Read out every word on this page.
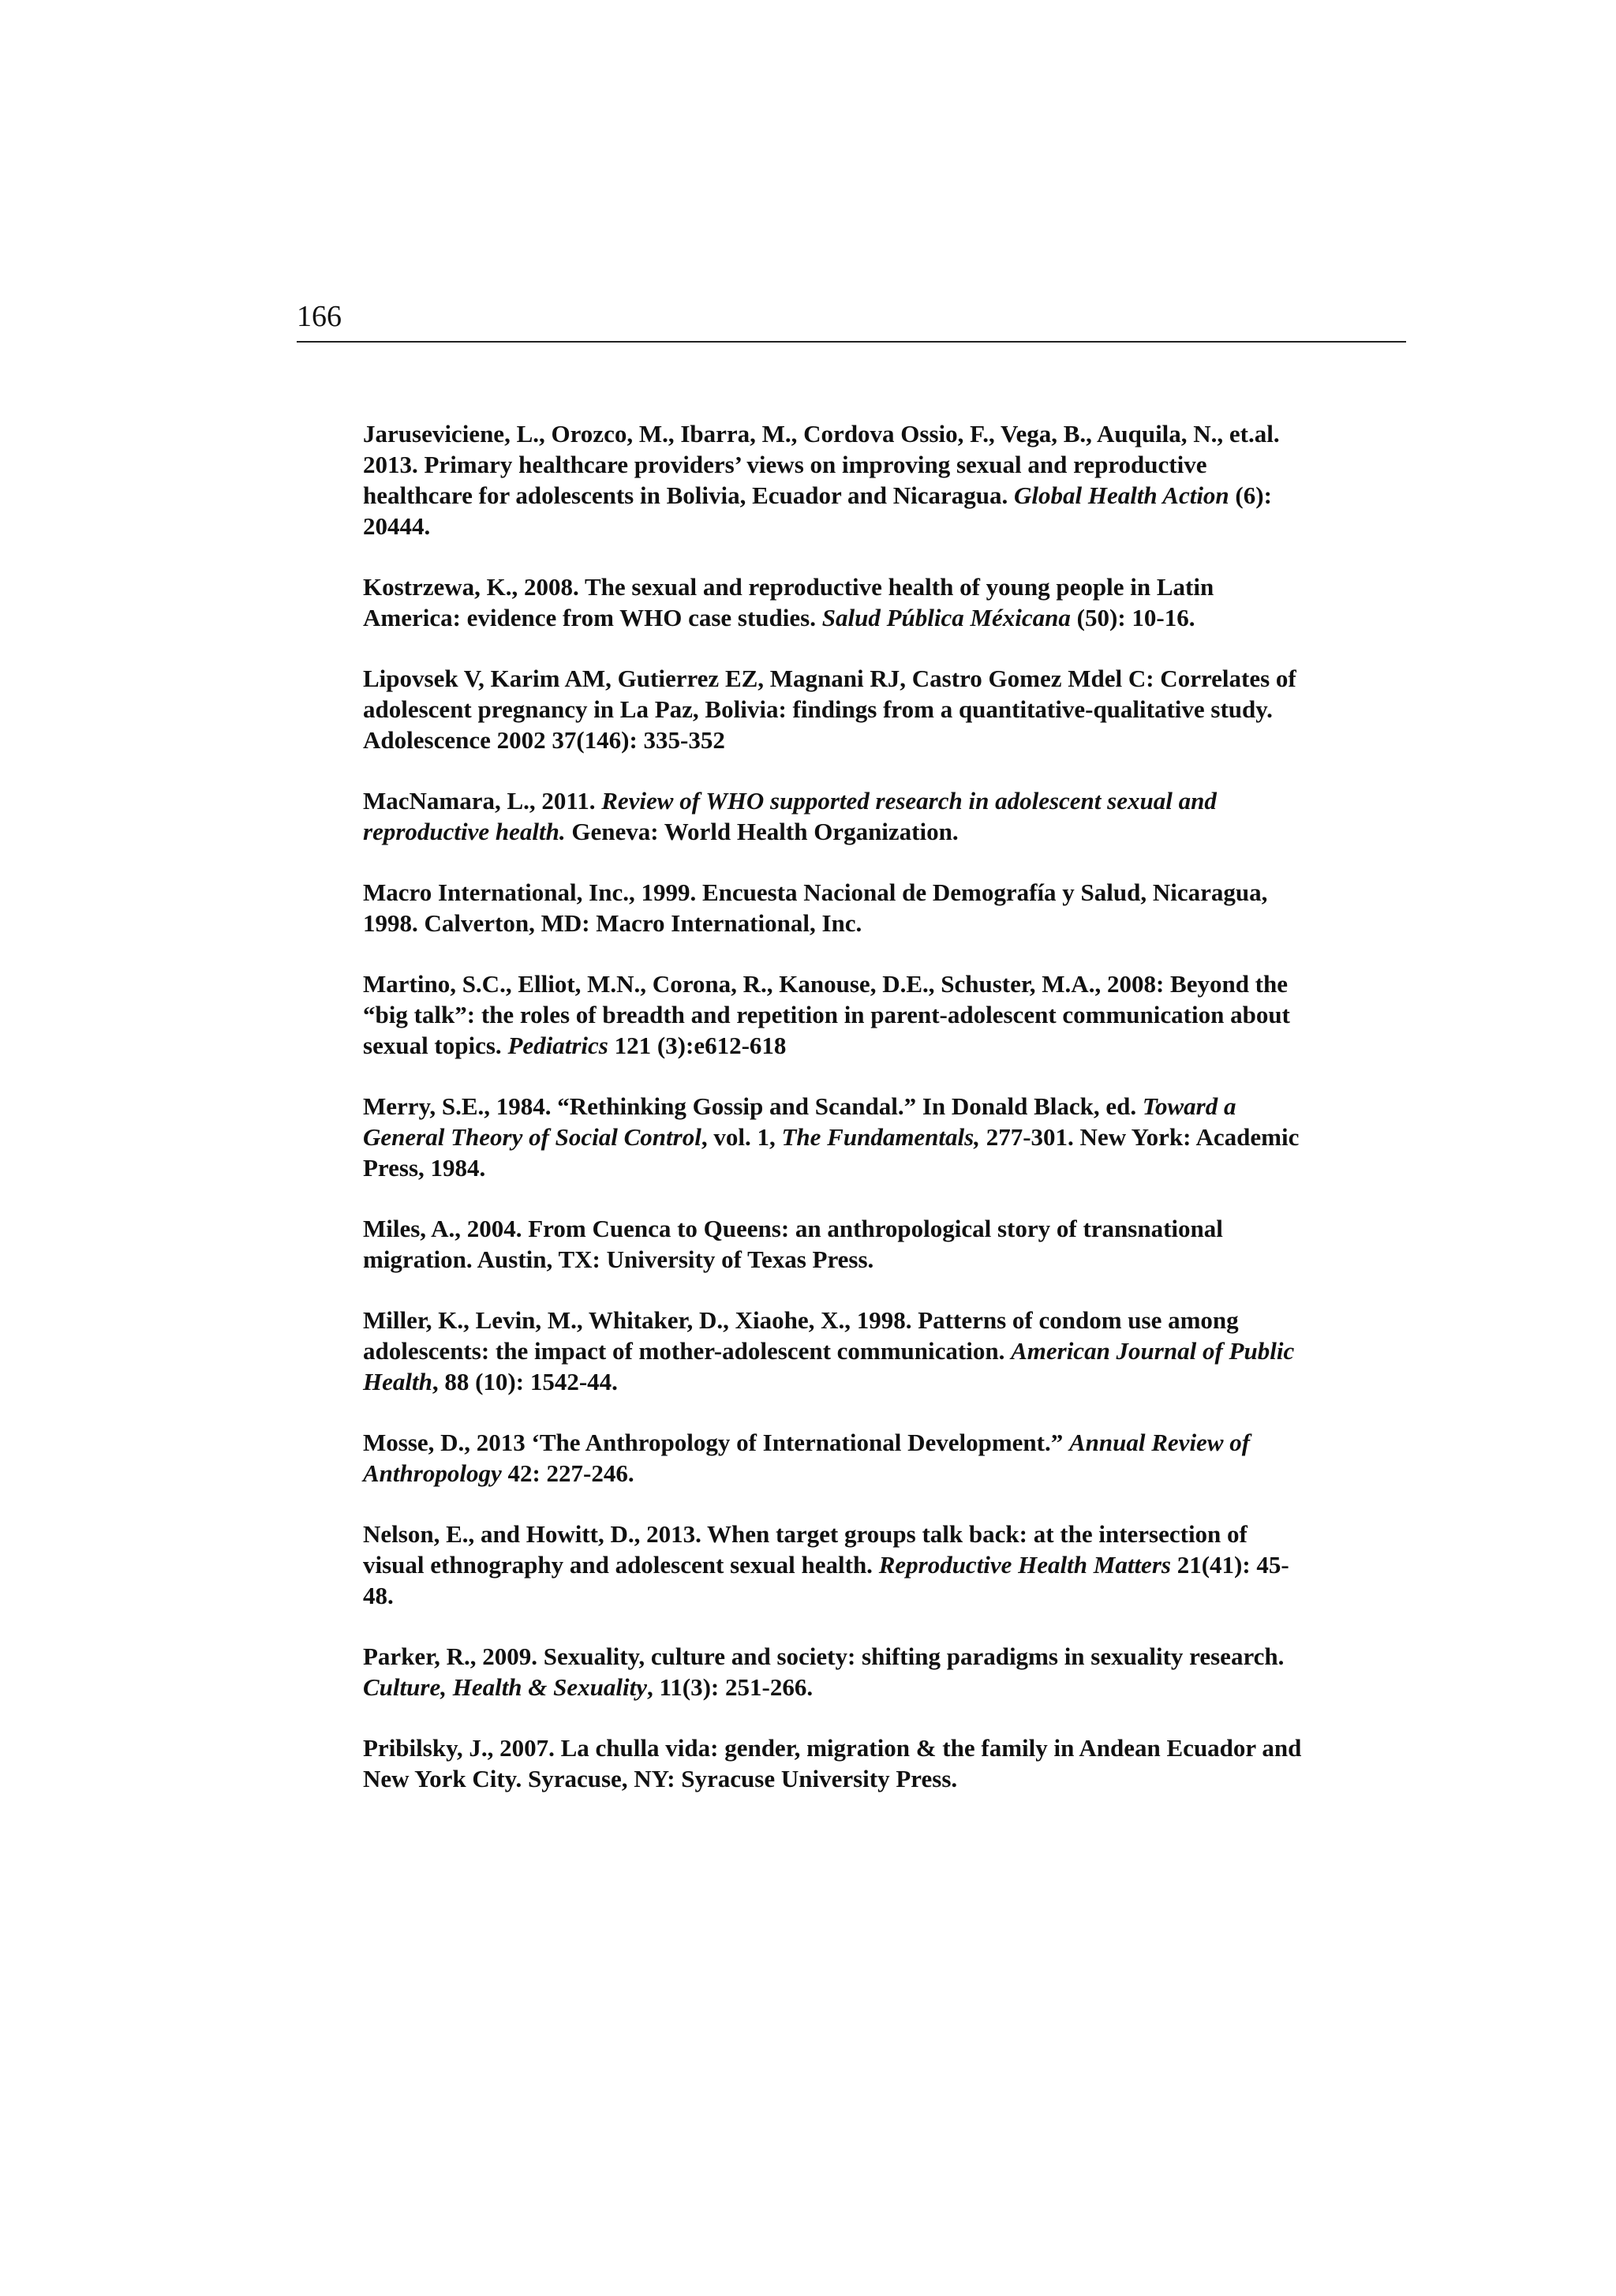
166

Jaruseviciene, L., Orozco, M., Ibarra, M., Cordova Ossio, F., Vega, B., Auquila, N., et.al. 2013. Primary healthcare providers’ views on improving sexual and reproductive healthcare for adolescents in Bolivia, Ecuador and Nicaragua. Global Health Action (6): 20444.

Kostrzewa, K., 2008. The sexual and reproductive health of young people in Latin America: evidence from WHO case studies. Salud Pública Méxicana (50): 10-16.

Lipovsek V, Karim AM, Gutierrez EZ, Magnani RJ, Castro Gomez Mdel C: Correlates of adolescent pregnancy in La Paz, Bolivia: findings from a quantitative-qualitative study. Adolescence 2002 37(146): 335-352

MacNamara, L., 2011. Review of WHO supported research in adolescent sexual and reproductive health. Geneva: World Health Organization.

Macro International, Inc., 1999. Encuesta Nacional de Demografía y Salud, Nicaragua, 1998. Calverton, MD: Macro International, Inc.

Martino, S.C., Elliot, M.N., Corona, R., Kanouse, D.E., Schuster, M.A., 2008: Beyond the “big talk”: the roles of breadth and repetition in parent-adolescent communication about sexual topics. Pediatrics 121 (3):e612-618

Merry, S.E., 1984. “Rethinking Gossip and Scandal.” In Donald Black, ed. Toward a General Theory of Social Control, vol. 1, The Fundamentals, 277-301. New York: Academic Press, 1984.

Miles, A., 2004. From Cuenca to Queens: an anthropological story of transnational migration. Austin, TX: University of Texas Press.

Miller, K., Levin, M., Whitaker, D., Xiaohe, X., 1998. Patterns of condom use among adolescents: the impact of mother-adolescent communication. American Journal of Public Health, 88 (10): 1542-44.

Mosse, D., 2013 ‘The Anthropology of International Development.” Annual Review of Anthropology 42: 227-246.

Nelson, E., and Howitt, D., 2013. When target groups talk back: at the intersection of visual ethnography and adolescent sexual health. Reproductive Health Matters 21(41): 45-48.

Parker, R., 2009. Sexuality, culture and society: shifting paradigms in sexuality research. Culture, Health & Sexuality, 11(3): 251-266.

Pribilsky, J., 2007. La chulla vida: gender, migration & the family in Andean Ecuador and New York City. Syracuse, NY: Syracuse University Press.
